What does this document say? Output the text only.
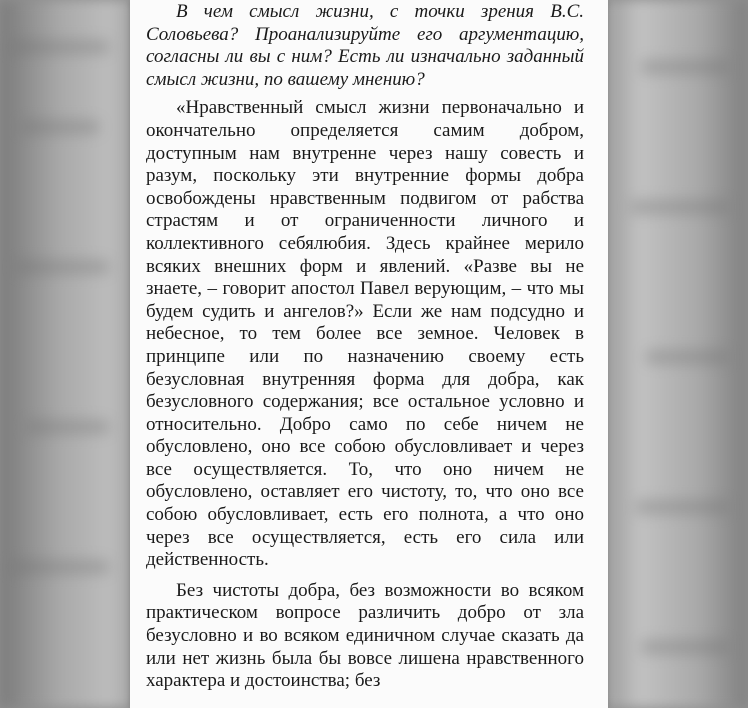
В чем смысл жизни, с точки зрения В.С. Соловьева? Проанализируйте его аргументацию, согласны ли вы с ним? Есть ли изначально заданный смысл жизни, по вашему мнению?

«Нравственный смысл жизни первоначально и окончательно определяется самим добром, доступным нам внутренне через нашу совесть и разум, поскольку эти внутренние формы добра освобождены нравственным подвигом от рабства страстям и от ограниченности личного и коллективного себялюбия. Здесь крайнее мерило всяких внешних форм и явлений. «Разве вы не знаете, – говорит апостол Павел верующим, – что мы будем судить и ангелов?» Если же нам подсудно и небесное, то тем более все земное. Человек в принципе или по назначению своему есть безусловная внутренняя форма для добра, как безусловного содержания; все остальное условно и относительно. Добро само по себе ничем не обусловлено, оно все собою обусловливает и через все осуществляется. То, что оно ничем не обусловлено, оставляет его чистоту, то, что оно все собою обусловливает, есть его полнота, а что оно через все осуществляется, есть его сила или действенность.

Без чистоты добра, без возможности во всяком практическом вопросе различить добро от зла безусловно и во всяком единичном случае сказать да или нет жизнь была бы вовсе лишена нравственного характера и достоинства; без
